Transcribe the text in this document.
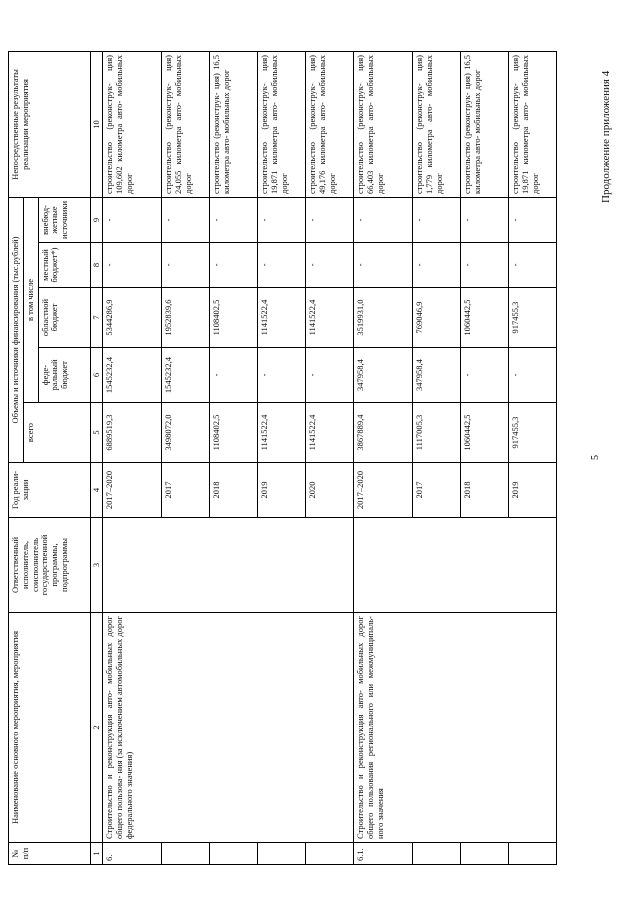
5
Продолжение приложения 4
№ п/п	Наименование основного мероприятия, мероприятия	Ответственный исполнитель, соисполнитель государственной программы, подпрограммы	Год реали- зации	Объемы и источники финансирования (тыс.рублей)					Непосредственные результаты реализации мероприятия
				всего	в том числе				
					феде- ральный бюджет	областной бюджет	местный бюджет*)	внебюд- жетные источники	
1	2	3	4	5	6	7	8	9	10
6.	Строительство и реконструкция авто- мобильных дорог общего пользова- ния (за исключением автомобильных дорог федерального значения)		2017–2020	6889519,3	1545232,4	5344286,9	-	-	строительство (реконструк- ция) 109,602 километра авто- мобильных дорог
			2017	3498072,0	1545232,4	1952839,6	-	-	строительство (реконструк- ция) 24,055 километра авто- мобильных дорог
			2018	1108402,5	-	1108402,5	-	-	строительство (реконструк- ция) 16,5 километра авто- мобильных дорог
			2019	1141522,4	-	1141522,4	-	-	строительство (реконструк- ция) 19,871 километра авто- мобильных дорог
			2020	1141522,4	-	1141522,4	-	-	строительство (реконструк- ция) 49,176 километра авто- мобильных дорог
6.1.	Строительство и реконструкция авто- мобильных дорог общего пользования регионального или межмуниципаль- ного значения		2017–2020	3867889,4	347958,4	3519931,0	-	-	строительство (реконструк- ция) 66,403 километра авто- мобильных дорог
			2017	1117005,3	347958,4	769046,9	-	-	строительство (реконструк- ция) 1,779 километра авто- мобильных дорог
			2018	1060442,5	-	1060442,5	-	-	строительство (реконструк- ция) 16,5 километра авто- мобильных дорог
			2019	917455,3	-	917455,3	-	-	строительство (реконструк- ция) 19,871 километра авто- мобильных дорог
